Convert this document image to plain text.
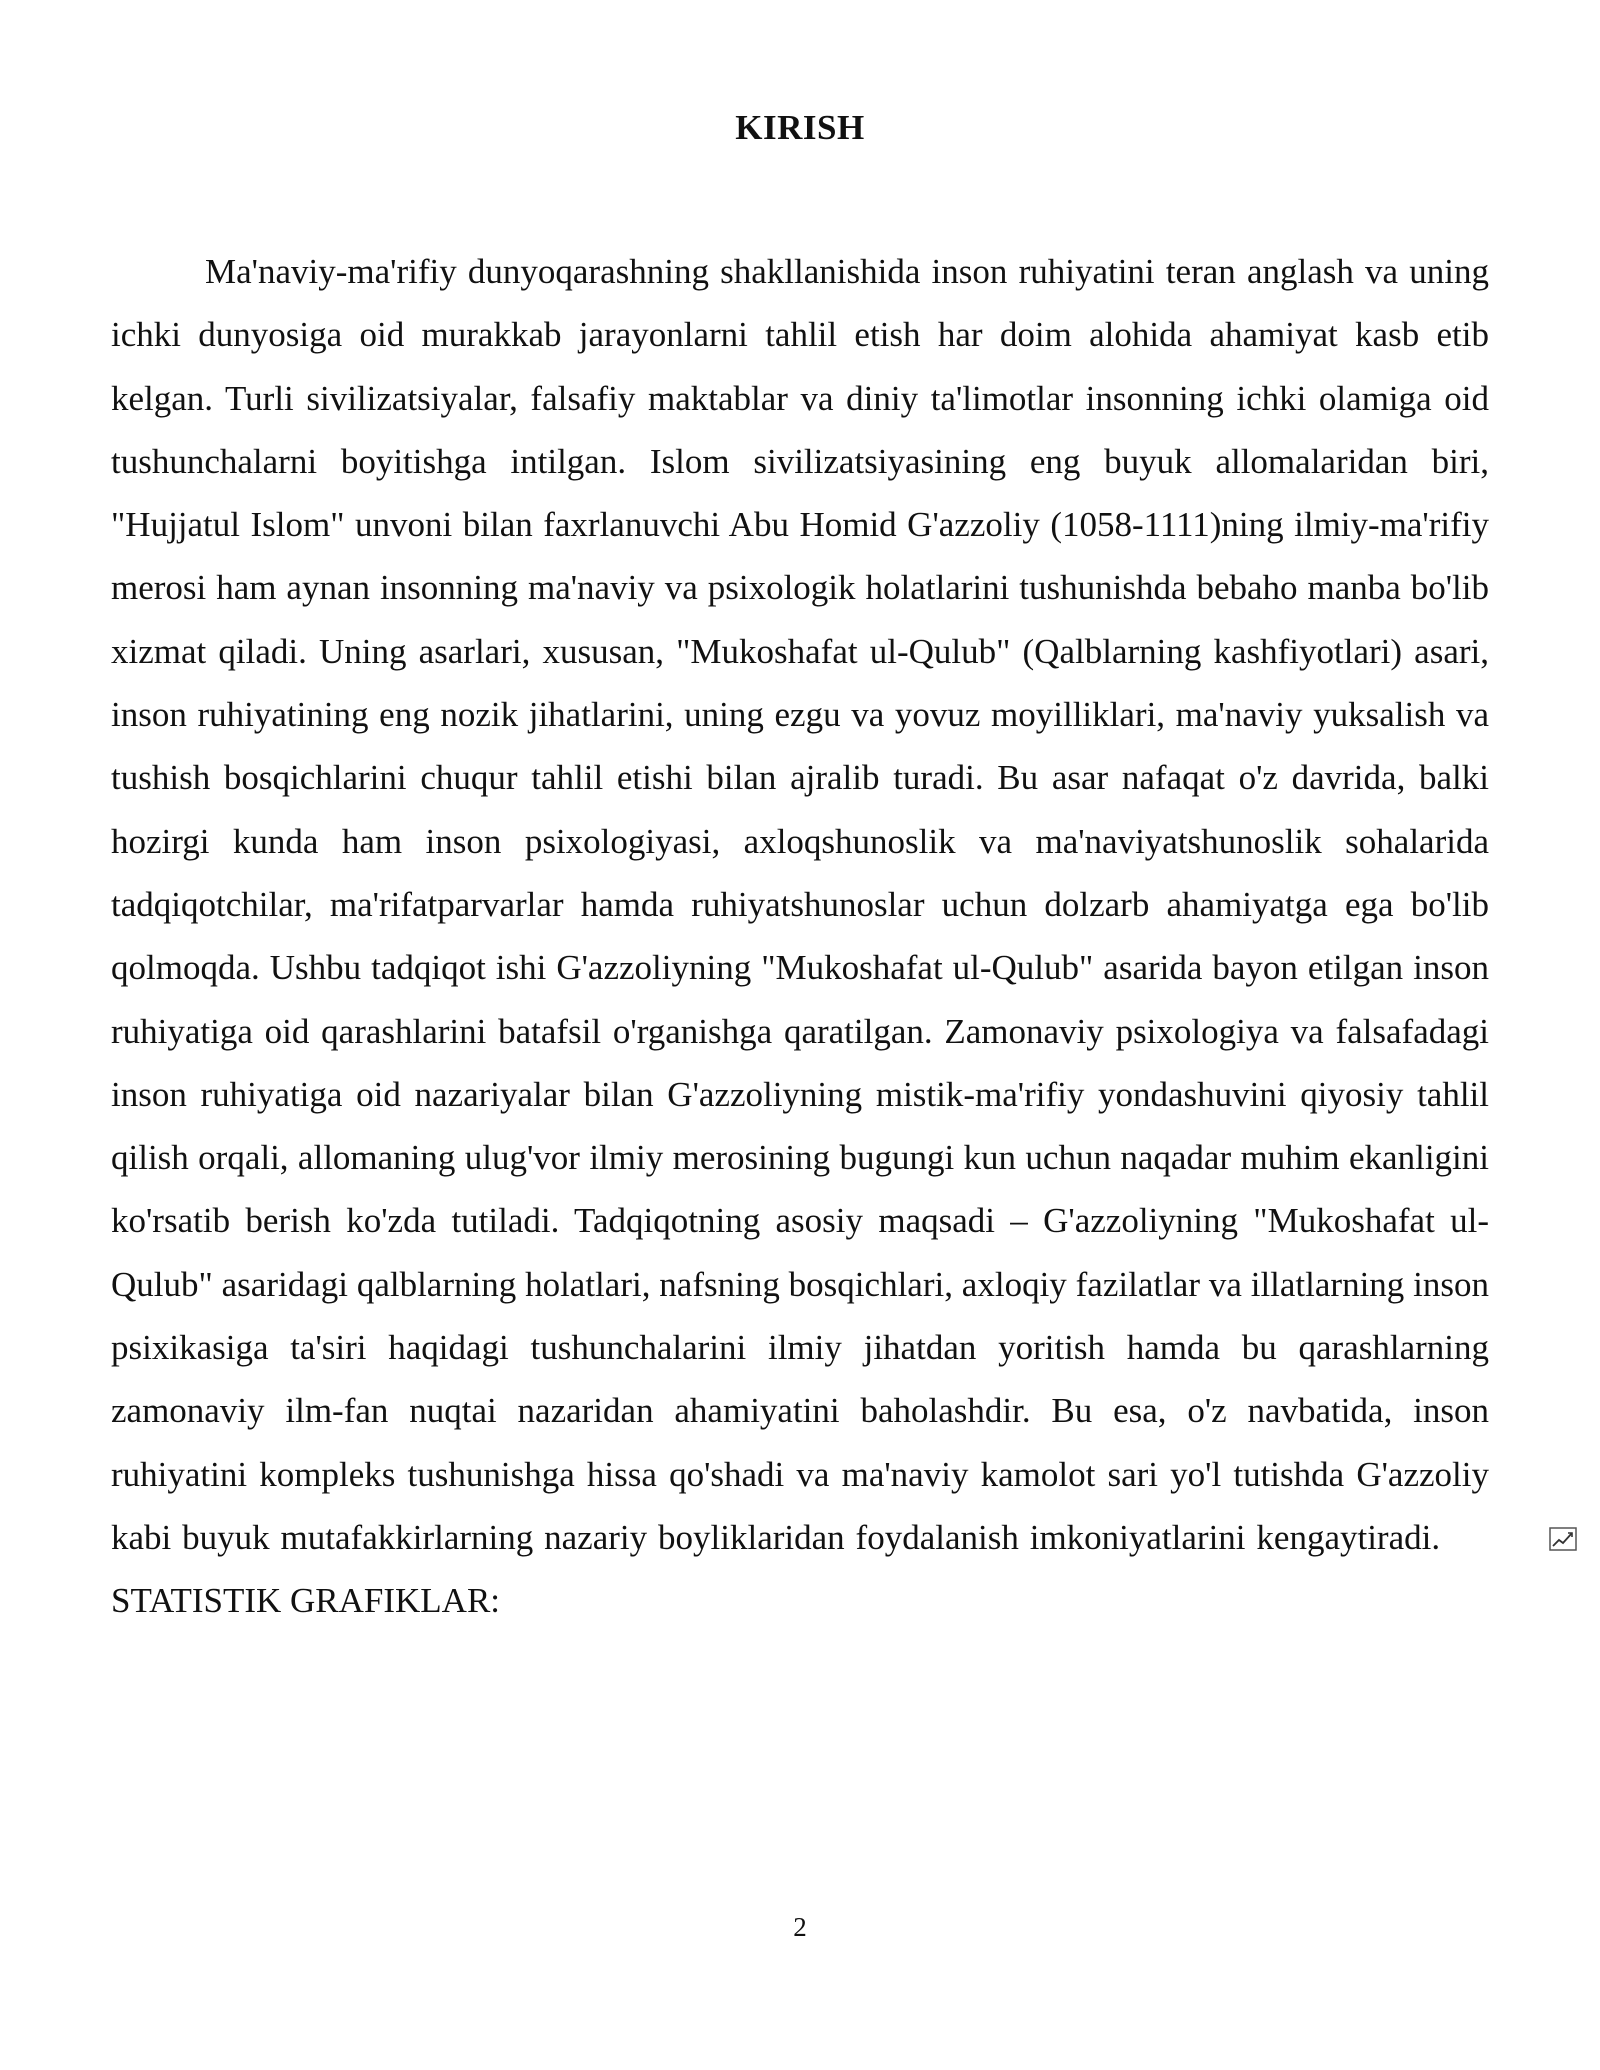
KIRISH

Ma'naviy-ma'rifiy dunyoqarashning shakllanishida inson ruhiyatini teran anglash va uning ichki dunyosiga oid murakkab jarayonlarni tahlil etish har doim alohida ahamiyat kasb etib kelgan. Turli sivilizatsiyalar, falsafiy maktablar va diniy ta'limotlar insonning ichki olamiga oid tushunchalarni boyitishga intilgan. Islom sivilizatsiyasining eng buyuk allomalaridan biri, "Hujjatul Islom" unvoni bilan faxrlanuvchi Abu Homid G'azzoliy (1058-1111)ning ilmiy-ma'rifiy merosi ham aynan insonning ma'naviy va psixologik holatlarini tushunishda bebaho manba bo'lib xizmat qiladi. Uning asarlari, xususan, "Mukoshafat ul-Qulub" (Qalblarning kashfiyotlari) asari, inson ruhiyatining eng nozik jihatlarini, uning ezgu va yovuz moyilliklari, ma'naviy yuksalish va tushish bosqichlarini chuqur tahlil etishi bilan ajralib turadi. Bu asar nafaqat o'z davrida, balki hozirgi kunda ham inson psixologiyasi, axloqshunoslik va ma'naviyatshunoslik sohalarida tadqiqotchilar, ma'rifatparvarlar hamda ruhiyatshunoslar uchun dolzarb ahamiyatga ega bo'lib qolmoqda. Ushbu tadqiqot ishi G'azzoliyning "Mukoshafat ul-Qulub" asarida bayon etilgan inson ruhiyatiga oid qarashlarini batafsil o'rganishga qaratilgan. Zamonaviy psixologiya va falsafadagi inson ruhiyatiga oid nazariyalar bilan G'azzoliyning mistik-ma'rifiy yondashuvini qiyosiy tahlil qilish orqali, allomaning ulug'vor ilmiy merosining bugungi kun uchun naqadar muhim ekanligini ko'rsatib berish ko'zda tutiladi. Tadqiqotning asosiy maqsadi – G'azzoliyning "Mukoshafat ul-Qulub" asaridagi qalblarning holatlari, nafsning bosqichlari, axloqiy fazilatlar va illatlarning inson psixikasiga ta'siri haqidagi tushunchalarini ilmiy jihatdan yoritish hamda bu qarashlarning zamonaviy ilm-fan nuqtai nazaridan ahamiyatini baholashdir. Bu esa, o'z navbatida, inson ruhiyatini kompleks tushunishga hissa qo'shadi va ma'naviy kamolot sari yo'l tutishda G'azzoliy kabi buyuk mutafakkirlarning nazariy boyliklaridan foydalanish imkoniyatlarini kengaytiradi. STATISTIK GRAFIKLAR:

2
